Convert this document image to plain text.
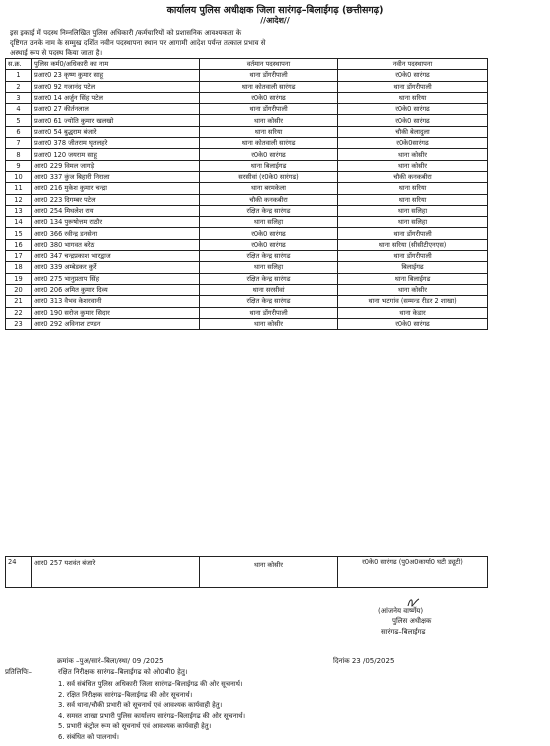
कार्यालय पुलिस अधीक्षक जिला सारंगढ़–बिलाईगढ़ (छत्तीसगढ़)
//आदेश//
इस इकाई में पदस्थ निम्नलिखित पुलिस अधिकारी /कर्मचारियों को प्रशासनिक आवश्यकता के
दृष्टिगत उनके नाम के सम्मुख दर्शित नवीन पदस्थापना स्थान पर आगामी आदेश पर्यन्त तत्काल प्रभाव से
अस्थाई रूप से पदस्थ किया जाता है।
स.क्र.	पुलिस कर्म0/अधिकारी का नाम	वर्तमान पदस्थापना	नवीन पदस्थापना
1	प्रआर0 23 कृष्ण कुमार साहू	थाना डोंगरीपाली	र0के0 सारंगढ
2	प्रआर0 92 गजानंद पटेल	थाना कोतवाली सारंगढ	थाना डोंगरीपाली
3	प्रआर0 14 अर्जुन सिंह पटेल	र0के0 सारंगढ	थाना सरिया
4	प्रआर0 27 कीर्तनलाल	थाना डोंगरीपाली	र0के0 सारंगढ
5	प्रआर0 61 ज्योति कुमार खलखो	थाना कोसीर	र0के0 सारंगढ
6	प्रआर0 54 बुद्धराम बंजारे	थाना सरिया	चौकी बेलादुला
7	प्रआर0 378 जीतराम घृतलहरे	थाना कोतवाली सारंगढ	र0के0सारंगढ
8	प्रआर0 120 जयराम साहू	र0के0 सारंगढ	थाना कोसीर
9	आर0 229 विमल जागड़े	थाना बिलाईगढ	थाना कोसीर
10	आर0 337 कुंज बिहारी निराला	सरसीवां (र0के0 सारंगढ)	चौकी कनकबीरा
11	आर0 216 मुकेश कुमार चन्द्रा	थाना बरमकेला	थाना सरिया
12	आर0 223 दिगम्बर पटेल	चौकी कनकबीरा	थाना सरिया
13	आर0 254 मिथलेश राय	रक्षित केन्द्र सारंगढ	थाना सलिहा
14	आर0 134 पुरूषोत्तम राठौर	थाना सलिहा	थाना सलिहा
15	आर0 366 रवीन्द्र डनसेना	र0के0 सारंगढ	थाना डोंगरीपाली
16	आर0 380 भागवत बरेठ	र0के0 सारंगढ	थाना सरिया (सीसीटीएनएस)
17	आर0 347 चन्द्रप्रकाश भारद्वाज	रक्षित केन्द्र सारंगढ	थाना डोंगरीपाली
18	आर0 339 अम्बेडकर कुर्रे	थाना सलिहा	बिलाईगढ
19	आर0 275 भानुप्रताप सिंह	रक्षित केन्द्र सारंगढ	थाना बिलाईगढ
20	आर0 206 अमित कुमार दिव्य	थाना सरसीवां	थाना कोसीर
21	आर0 313 वैभव केशरवानी	रक्षित केन्द्र सारंगढ	थाना भटगांव (सम्मन्ड रीडर 2 शाखा)
22	आर0 190 सरोज कुमार सिदार	थाना डोंगरीपाली	थाना केडार
23	आर0 292 अविनाश टण्डन	थाना कोसीर	र0के0 सारंगढ
24	आर0 257 यशवंत बंजारे	थाना कोसीर	र0के0 सारंगढ (पु0अ0कार्या0 घटी ड्यूटी)
(आंजनेय वार्ष्णेय)
पुलिस अधीक्षक
सारंगढ–बिलाईगढ
क्रमांक –पुअ/सारं–बिला/स्था/ 09 /2025	दिनांक 23 /05/2025
प्रतिलिपिः–	रक्षित निरीक्षक सारंगढ–बिलाईगढ को ओ0बी0 हेतु।
1. सर्व संबंधित पुलिस अधिकारी जिला सारंगढ–बिलाईगढ की ओर सूचनार्थ।
2. रक्षित निरीक्षक सारंगढ–बिलाईगढ की ओर सूचनार्थ।
3. सर्व थाना/चौकी प्रभारी को सूचनार्थ एवं आवश्यक कार्यवाही हेतु।
4. समस्त शाखा प्रभारी पुलिस कार्यालय सारंगढ–बिलाईगढ की ओर सूचनार्थ।
5. प्रभारी कंट्रोल रूम को सूचनार्थ एवं आवश्यक कार्यवाही हेतु।
6. संबंधित को पालनार्थ।
